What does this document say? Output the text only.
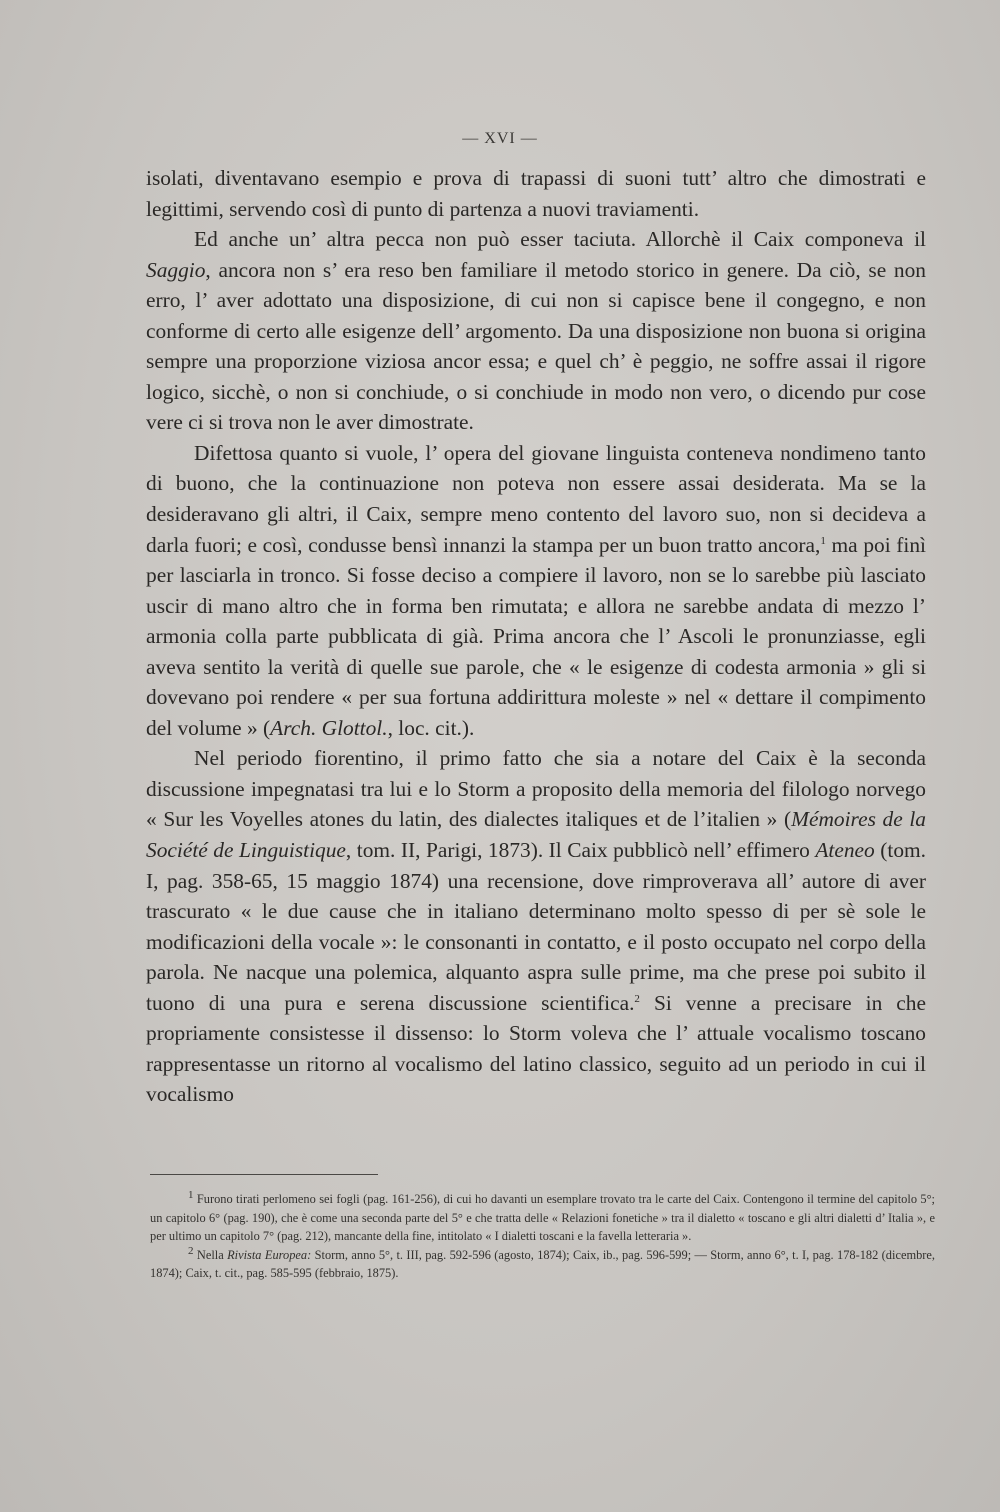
— XVI —

isolati, diventavano esempio e prova di trapassi di suoni tutt’ altro che dimostrati e legittimi, servendo così di punto di partenza a nuovi traviamenti.

Ed anche un’ altra pecca non può esser taciuta. Allorchè il Caix componeva il Saggio, ancora non s’ era reso ben familiare il metodo storico in genere. Da ciò, se non erro, l’ aver adottato una disposizione, di cui non si capisce bene il congegno, e non conforme di certo alle esigenze dell’ argomento. Da una disposizione non buona si origina sempre una proporzione viziosa ancor essa; e quel ch’ è peggio, ne soffre assai il rigore logico, sicchè, o non si conchiude, o si conchiude in modo non vero, o dicendo pur cose vere ci si trova non le aver dimostrate.

Difettosa quanto si vuole, l’ opera del giovane linguista conteneva nondimeno tanto di buono, che la continuazione non poteva non essere assai desiderata. Ma se la desideravano gli altri, il Caix, sempre meno contento del lavoro suo, non si decideva a darla fuori; e così, condusse bensì innanzi la stampa per un buon tratto ancora,$^1$ ma poi finì per lasciarla in tronco. Si fosse deciso a compiere il lavoro, non se lo sarebbe più lasciato uscir di mano altro che in forma ben rimutata; e allora ne sarebbe andata di mezzo l’ armonia colla parte pubblicata di già. Prima ancora che l’ Ascoli le pronunziasse, egli aveva sentito la verità di quelle sue parole, che « le esigenze di codesta armonia » gli si dovevano poi rendere « per sua fortuna addirittura moleste » nel « dettare il compimento del volume » (Arch. Glottol., loc. cit.).

Nel periodo fiorentino, il primo fatto che sia a notare del Caix è la seconda discussione impegnatasi tra lui e lo Storm a proposito della memoria del filologo norvego « Sur les Voyelles atones du latin, des dialectes italiques et de l’italien » (Mémoires de la Société de Linguistique, tom. II, Parigi, 1873). Il Caix pubblicò nell’ effimero Ateneo (tom. I, pag. 358-65, 15 maggio 1874) una recensione, dove rimproverava all’ autore di aver trascurato « le due cause che in italiano determinano molto spesso di per sè sole le modificazioni della vocale »: le consonanti in contatto, e il posto occupato nel corpo della parola. Ne nacque una polemica, alquanto aspra sulle prime, ma che prese poi subito il tuono di una pura e serena discussione scientifica.$^2$ Si venne a precisare in che propriamente consistesse il dissenso: lo Storm voleva che l’ attuale vocalismo toscano rappresentasse un ritorno al vocalismo del latino classico, seguito ad un periodo in cui il vocalismo

$^1$ Furono tirati perlomeno sei fogli (pag. 161-256), di cui ho davanti un esemplare trovato tra le carte del Caix. Contengono il termine del capitolo 5°; un capitolo 6° (pag. 190), che è come una seconda parte del 5° e che tratta delle « Relazioni fonetiche » tra il dialetto « toscano e gli altri dialetti d’ Italia », e per ultimo un capitolo 7° (pag. 212), mancante della fine, intitolato « I dialetti toscani e la favella letteraria ».

$^2$ Nella Rivista Europea: Storm, anno 5°, t. III, pag. 592-596 (agosto, 1874); Caix, ib., pag. 596-599; — Storm, anno 6°, t. I, pag. 178-182 (dicembre, 1874); Caix, t. cit., pag. 585-595 (febbraio, 1875).
